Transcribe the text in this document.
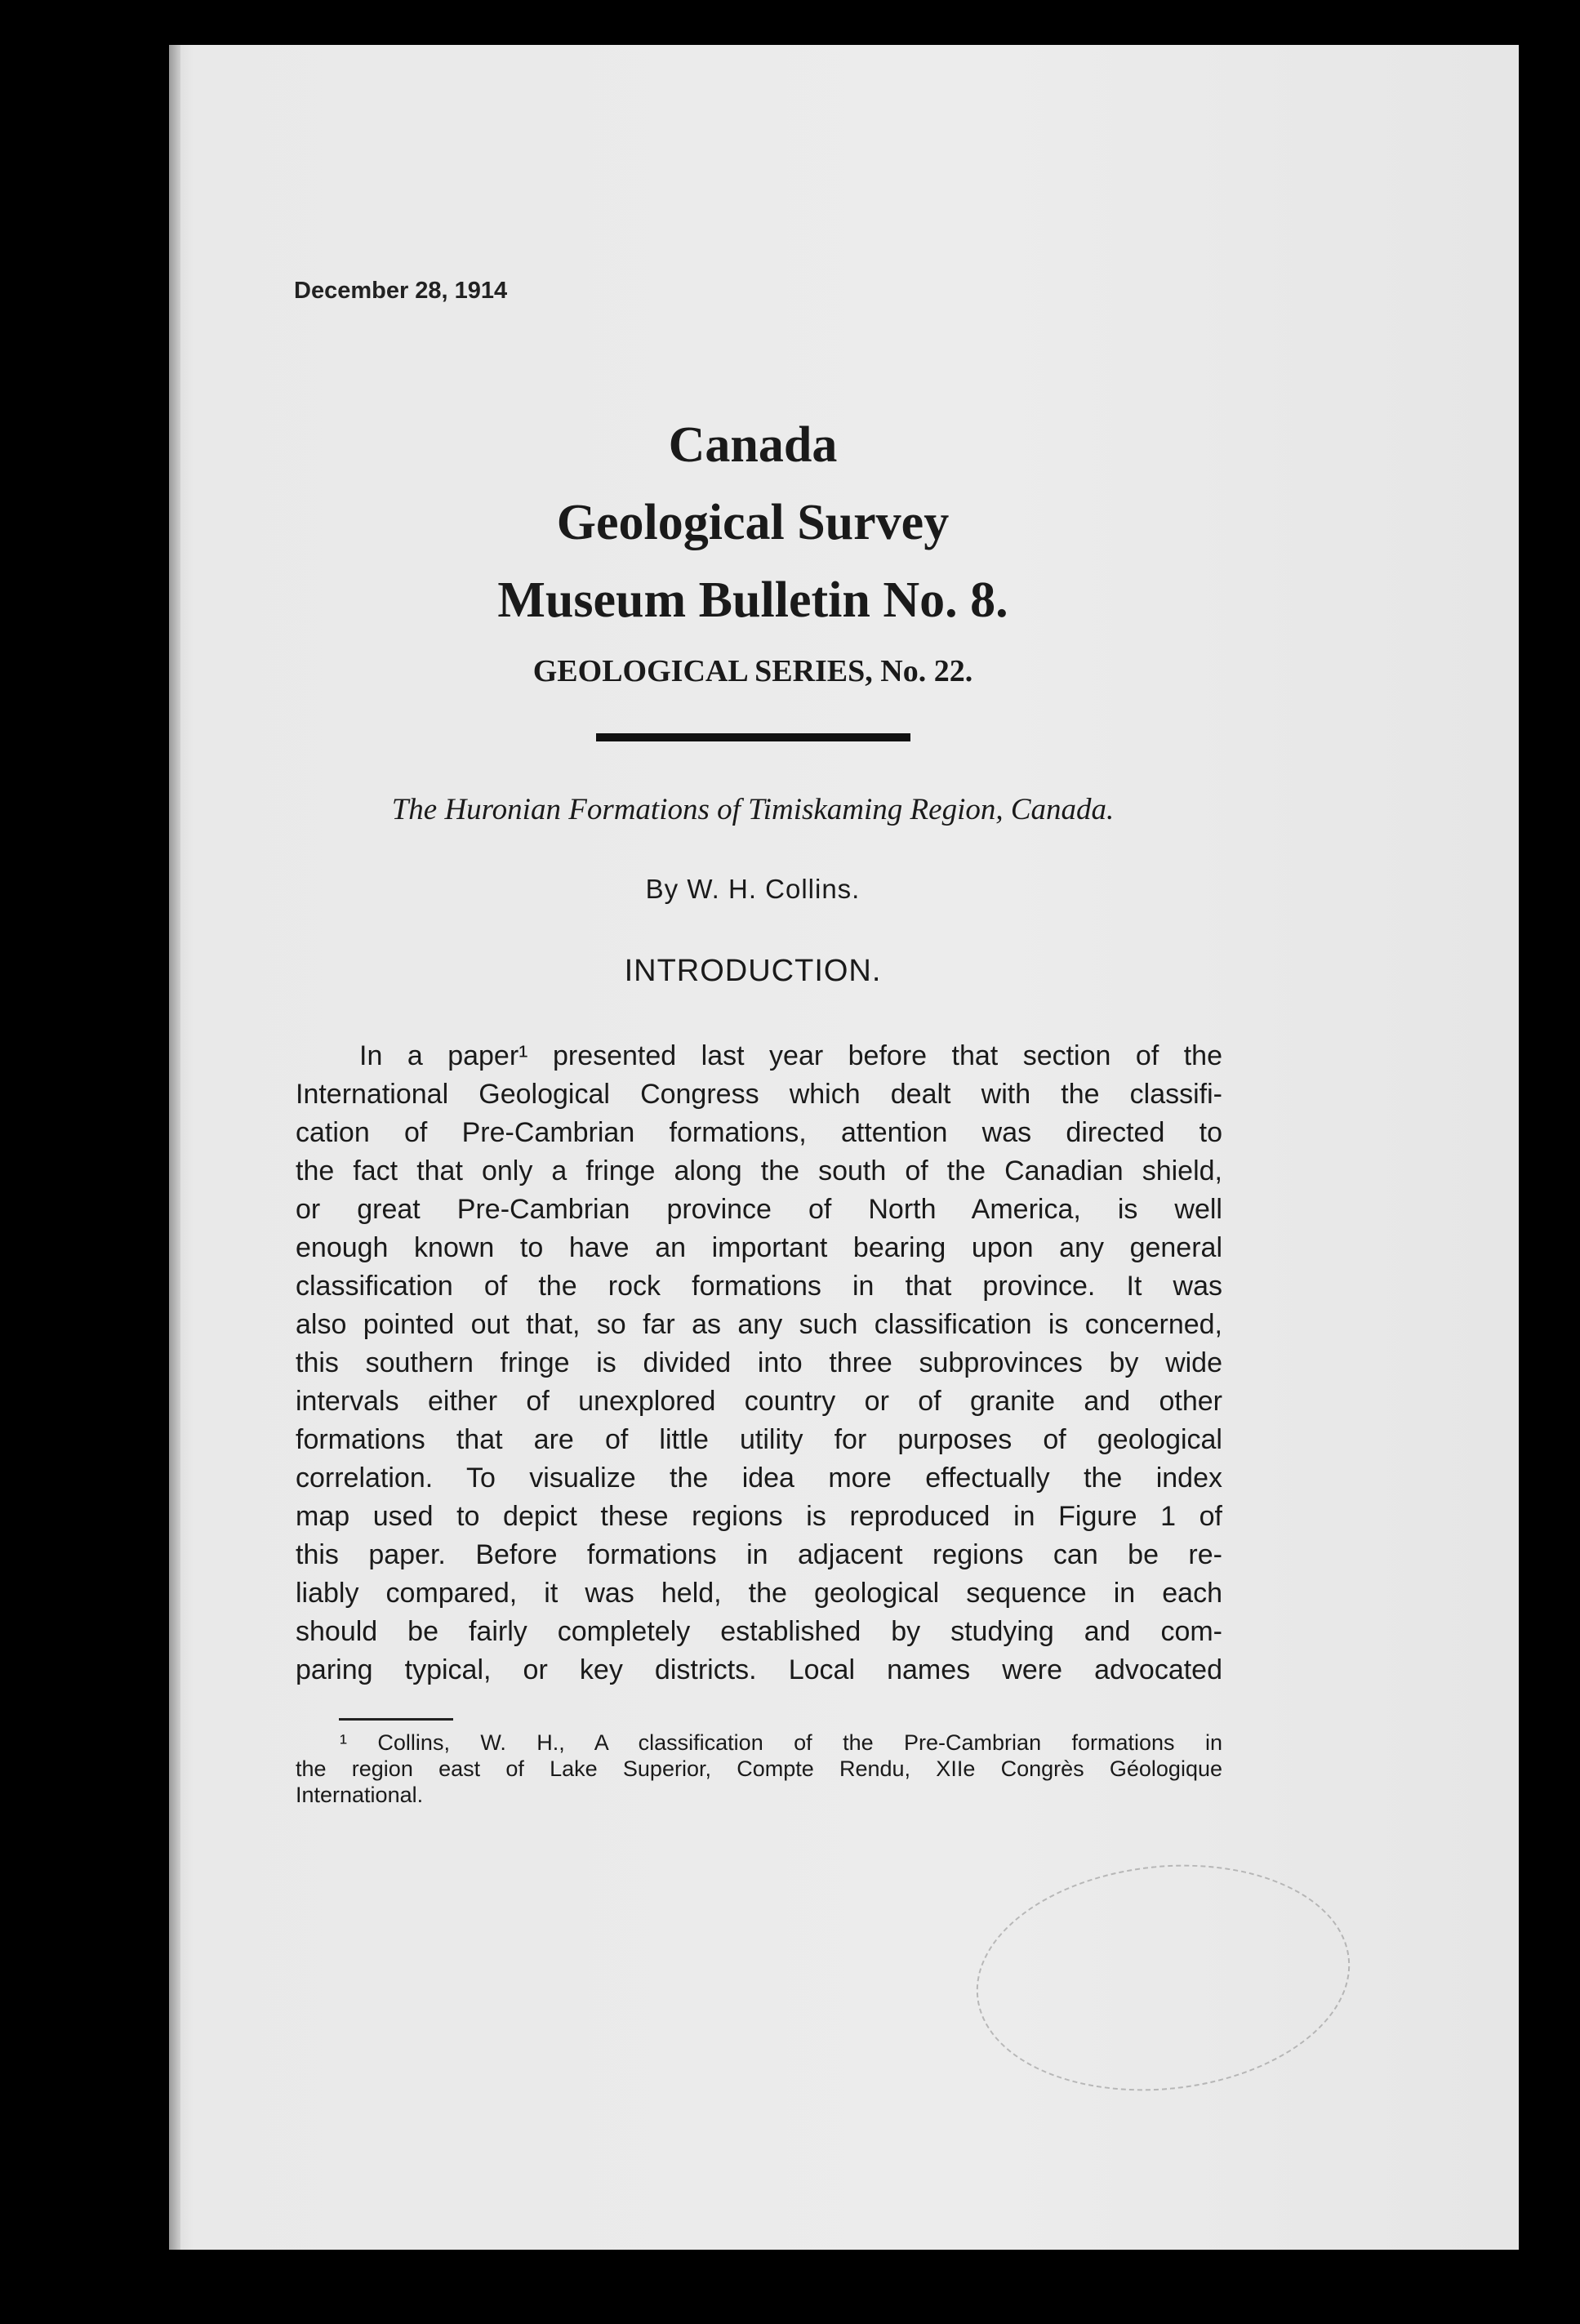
December 28, 1914
Canada
Geological Survey
Museum Bulletin No. 8.
GEOLOGICAL SERIES, No. 22.
The Huronian Formations of Timiskaming Region, Canada.
By W. H. Collins.
INTRODUCTION.
In a paper¹ presented last year before that section of the
International Geological Congress which dealt with the classifi-
cation of Pre-Cambrian formations, attention was directed to
the fact that only a fringe along the south of the Canadian shield,
or great Pre-Cambrian province of North America, is well
enough known to have an important bearing upon any general
classification of the rock formations in that province. It was
also pointed out that, so far as any such classification is concerned,
this southern fringe is divided into three subprovinces by wide
intervals either of unexplored country or of granite and other
formations that are of little utility for purposes of geological
correlation. To visualize the idea more effectually the index
map used to depict these regions is reproduced in Figure 1 of
this paper. Before formations in adjacent regions can be re-
liably compared, it was held, the geological sequence in each
should be fairly completely established by studying and com-
paring typical, or key districts. Local names were advocated
¹ Collins, W. H., A classification of the Pre-Cambrian formations in
the region east of Lake Superior, Compte Rendu, XIIe Congrès Géologique
International.
